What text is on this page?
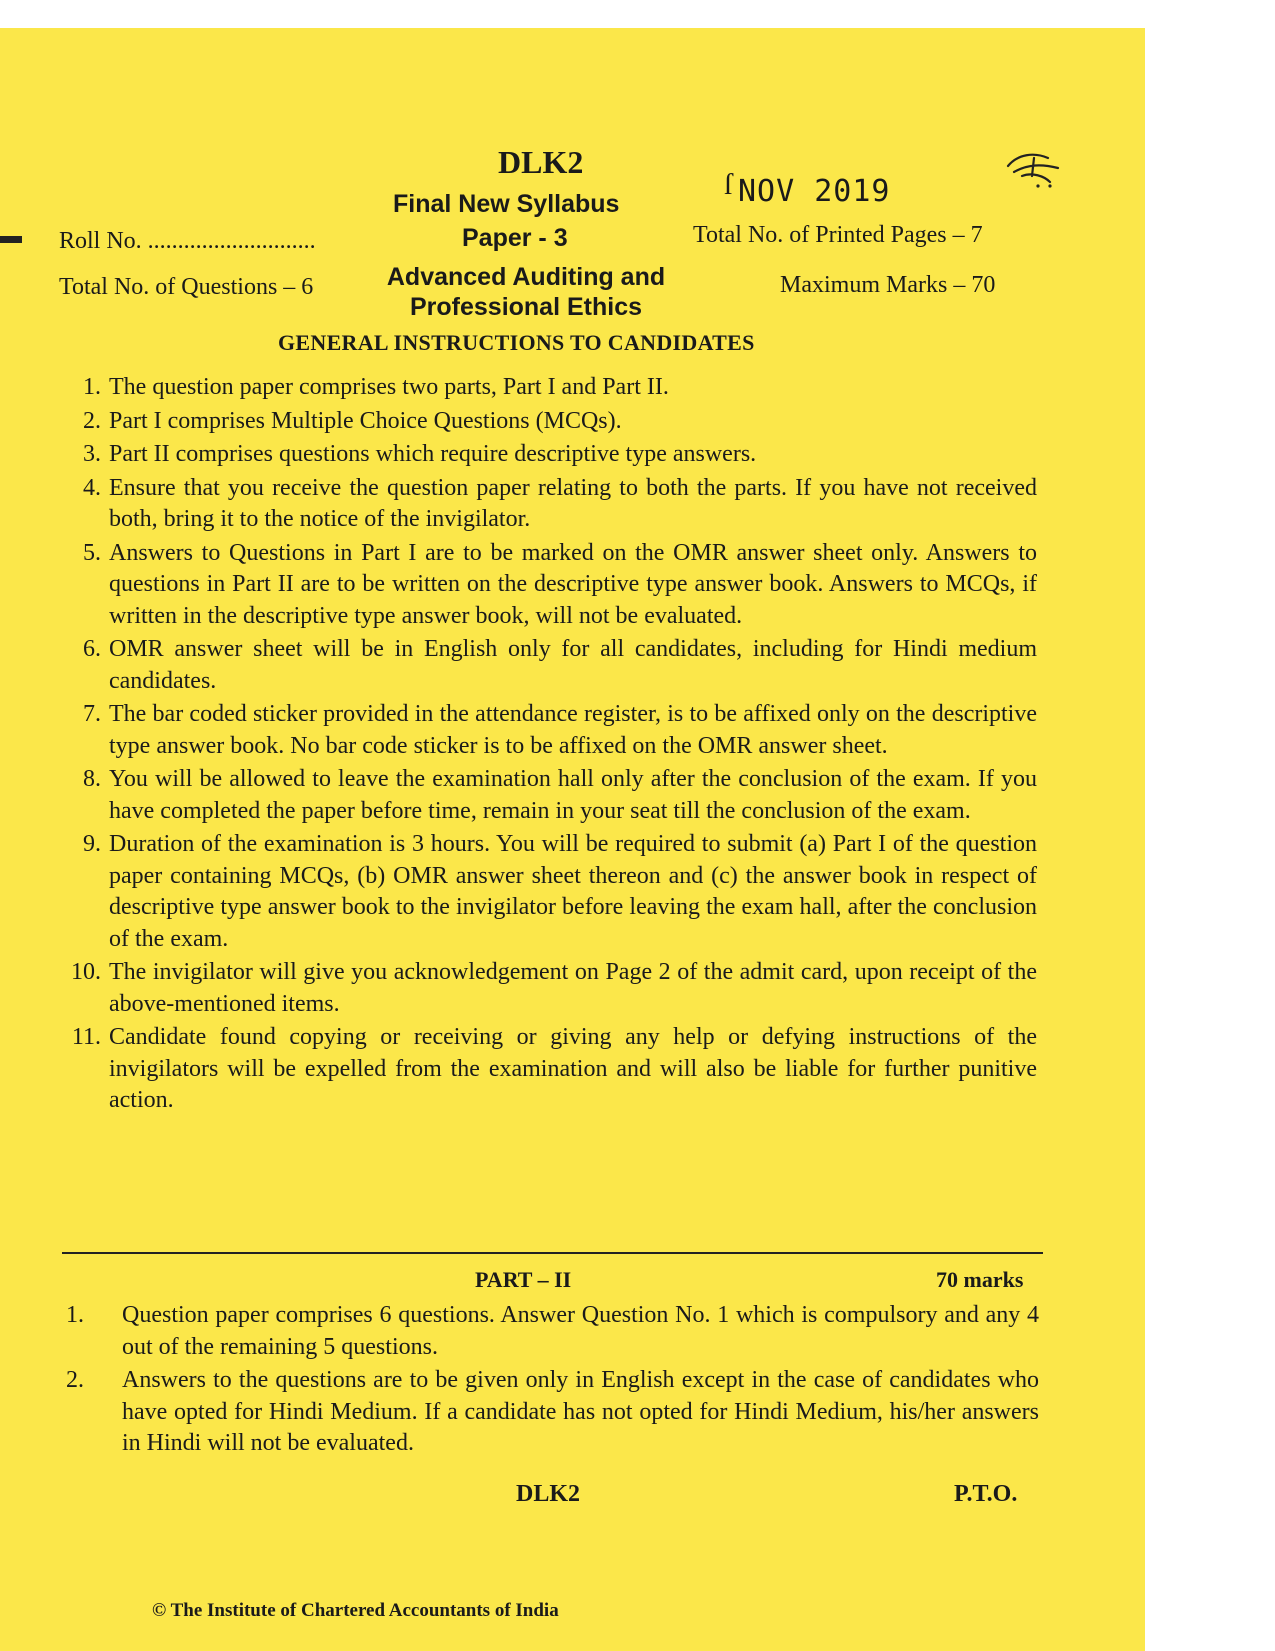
DLK2
NOV 2019
ſ
Final New Syllabus
Paper - 3
Advanced Auditing and
Professional Ethics
Roll No. ............................	Total No. of Printed Pages – 7
Total No. of Questions – 6	Maximum Marks – 70
GENERAL INSTRUCTIONS TO CANDIDATES
1. The question paper comprises two parts, Part I and Part II.
2. Part I comprises Multiple Choice Questions (MCQs).
3. Part II comprises questions which require descriptive type answers.
4. Ensure that you receive the question paper relating to both the parts. If you have not received both, bring it to the notice of the invigilator.
5. Answers to Questions in Part I are to be marked on the OMR answer sheet only. Answers to questions in Part II are to be written on the descriptive type answer book. Answers to MCQs, if written in the descriptive type answer book, will not be evaluated.
6. OMR answer sheet will be in English only for all candidates, including for Hindi medium candidates.
7. The bar coded sticker provided in the attendance register, is to be affixed only on the descriptive type answer book. No bar code sticker is to be affixed on the OMR answer sheet.
8. You will be allowed to leave the examination hall only after the conclusion of the exam. If you have completed the paper before time, remain in your seat till the conclusion of the exam.
9. Duration of the examination is 3 hours. You will be required to submit (a) Part I of the question paper containing MCQs, (b) OMR answer sheet thereon and (c) the answer book in respect of descriptive type answer book to the invigilator before leaving the exam hall, after the conclusion of the exam.
10. The invigilator will give you acknowledgement on Page 2 of the admit card, upon receipt of the above-mentioned items.
11. Candidate found copying or receiving or giving any help or defying instructions of the invigilators will be expelled from the examination and will also be liable for further punitive action.
PART – II	70 marks
1.	Question paper comprises 6 questions. Answer Question No. 1 which is compulsory and any 4 out of the remaining 5 questions.
2.	Answers to the questions are to be given only in English except in the case of candidates who have opted for Hindi Medium. If a candidate has not opted for Hindi Medium, his/her answers in Hindi will not be evaluated.
DLK2	P.T.O.
© The Institute of Chartered Accountants of India
